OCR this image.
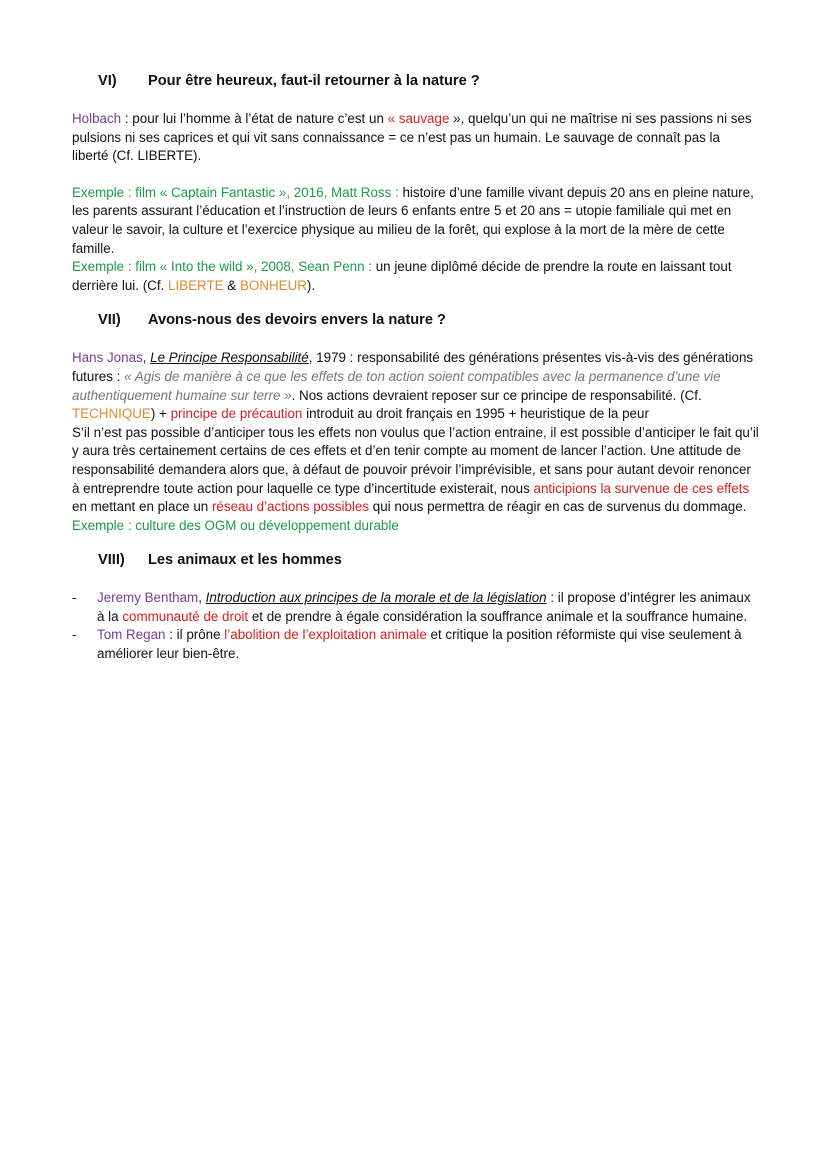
VI)	Pour être heureux, faut-il retourner à la nature ?

Holbach : pour lui l’homme à l’état de nature c’est un « sauvage », quelqu’un qui ne maîtrise ni ses passions ni ses pulsions ni ses caprices et qui vit sans connaissance = ce n’est pas un humain. Le sauvage de connaît pas la liberté (Cf. LIBERTE).

Exemple : film « Captain Fantastic », 2016, Matt Ross : histoire d’une famille vivant depuis 20 ans en pleine nature, les parents assurant l’éducation et l’instruction de leurs 6 enfants entre 5 et 20 ans = utopie familiale qui met en valeur le savoir, la culture et l’exercice physique au milieu de la forêt, qui explose à la mort de la mère de cette famille.

Exemple : film « Into the wild », 2008, Sean Penn : un jeune diplômé décide de prendre la route en laissant tout derrière lui. (Cf. LIBERTE & BONHEUR).

VII)	Avons-nous des devoirs envers la nature ?

Hans Jonas, Le Principe Responsabilité, 1979 : responsabilité des générations présentes vis-à-vis des générations futures : « Agis de manière à ce que les effets de ton action soient compatibles avec la permanence d’une vie authentiquement humaine sur terre ». Nos actions devraient reposer sur ce principe de responsabilité. (Cf. TECHNIQUE) + principe de précaution introduit au droit français en 1995 + heuristique de la peur

S’il n’est pas possible d’anticiper tous les effets non voulus que l’action entraine, il est possible d’anticiper le fait qu’il y aura très certainement certains de ces effets et d’en tenir compte au moment de lancer l’action. Une attitude de responsabilité demandera alors que, à défaut de pouvoir prévoir l’imprévisible, et sans pour autant devoir renoncer à entreprendre toute action pour laquelle ce type d’incertitude existerait, nous anticipions la survenue de ces effets en mettant en place un réseau d’actions possibles qui nous permettra de réagir en cas de survenus du dommage.

Exemple : culture des OGM ou développement durable

VIII)	Les animaux et les hommes
- Jeremy Bentham, Introduction aux principes de la morale et de la législation : il propose d’intégrer les animaux à la communauté de droit et de prendre à égale considération la souffrance animale et la souffrance humaine.
- Tom Regan : il prône l’abolition de l’exploitation animale et critique la position réformiste qui vise seulement à améliorer leur bien-être.
